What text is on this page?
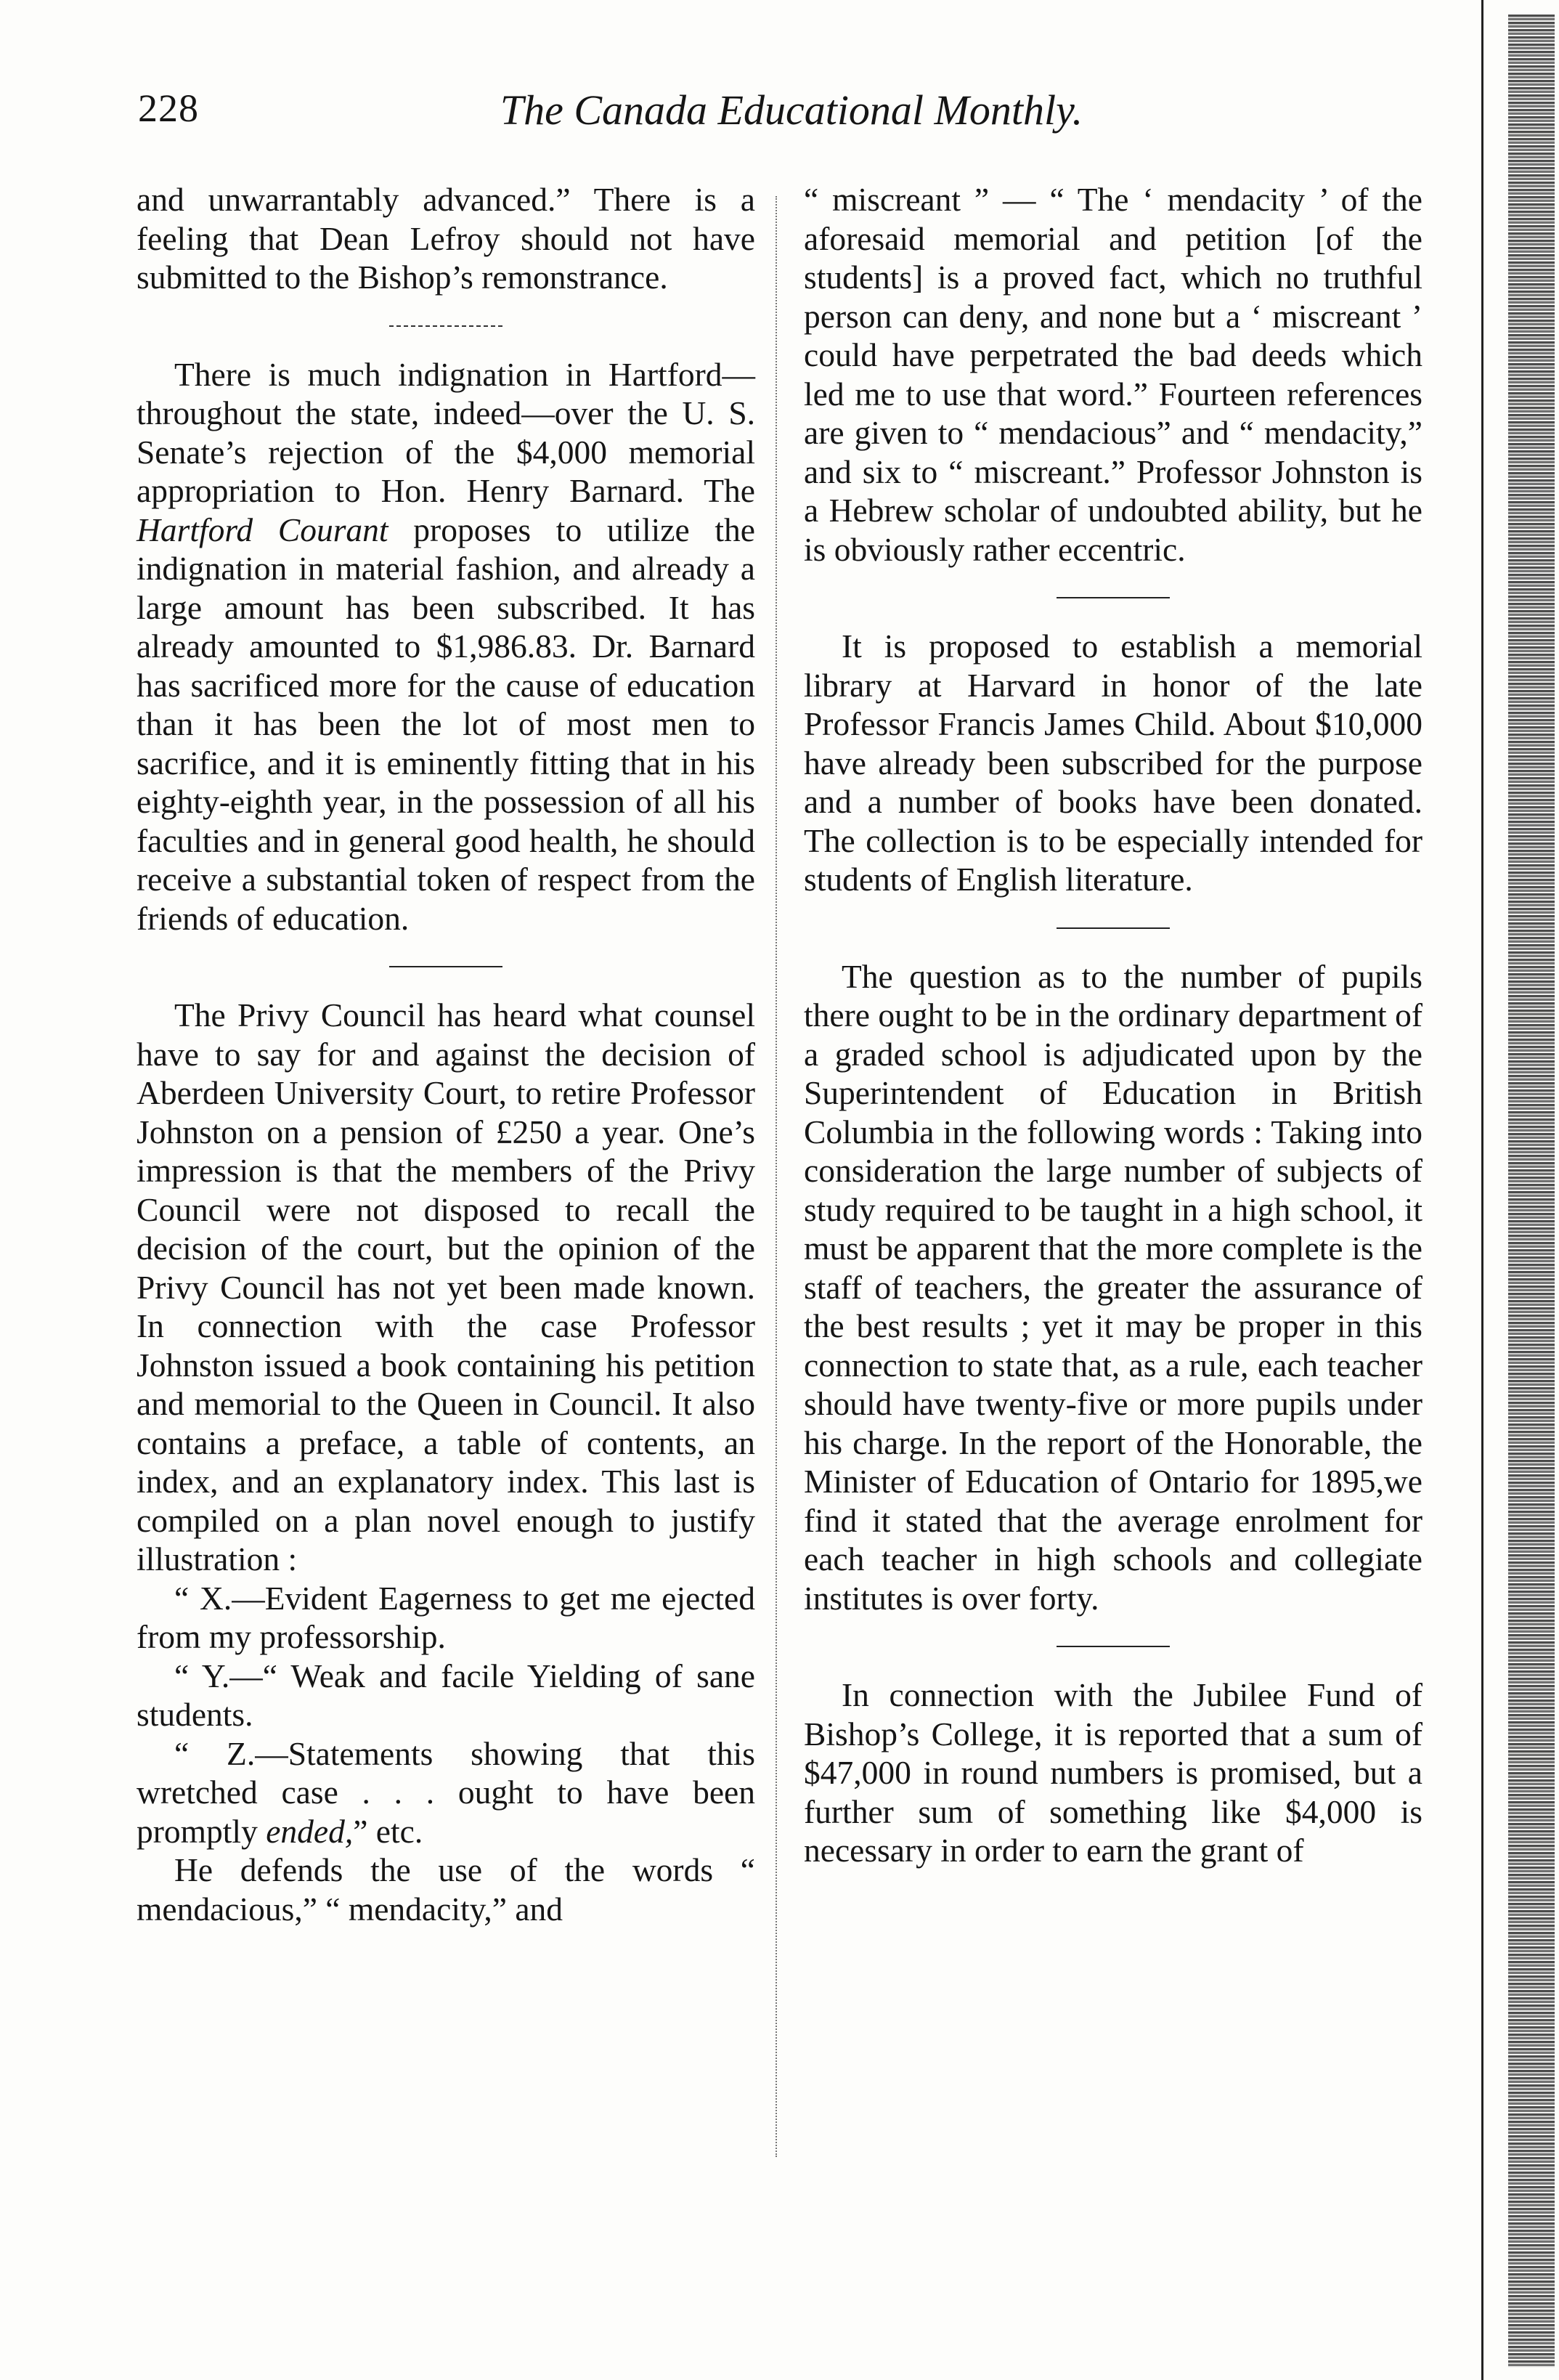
228	The Canada Educational Monthly.

and unwarrantably advanced.” There is a feeling that Dean Lefroy should not have submitted to the Bishop’s remonstrance.

There is much indignation in Hartford—throughout the state, indeed—over the U. S. Senate’s rejection of the $4,000 memorial appropriation to Hon. Henry Barnard. The Hartford Courant proposes to utilize the indignation in material fashion, and already a large amount has been subscribed. It has already amounted to $1,986.83. Dr. Barnard has sacrificed more for the cause of education than it has been the lot of most men to sacrifice, and it is eminently fitting that in his eighty-eighth year, in the possession of all his faculties and in general good health, he should receive a substantial token of respect from the friends of education.

The Privy Council has heard what counsel have to say for and against the decision of Aberdeen University Court, to retire Professor Johnston on a pension of £250 a year. One’s impression is that the members of the Privy Council were not disposed to recall the decision of the court, but the opinion of the Privy Council has not yet been made known. In connection with the case Professor Johnston issued a book containing his petition and memorial to the Queen in Council. It also contains a preface, a table of contents, an index, and an explanatory index. This last is compiled on a plan novel enough to justify illustration :

“ X.—Evident Eagerness to get me ejected from my professorship.

“ Y.—“ Weak and facile Yielding of sane students.

“ Z.—Statements showing that this wretched case . . . ought to have been promptly ended,” etc.

He defends the use of the words “ mendacious,” “ mendacity,” and

“ miscreant ” — “ The ‘ mendacity ’ of the aforesaid memorial and petition [of the students] is a proved fact, which no truthful person can deny, and none but a ‘ miscreant ’ could have perpetrated the bad deeds which led me to use that word.” Fourteen references are given to “ mendacious” and “ mendacity,” and six to “ miscreant.” Professor Johnston is a Hebrew scholar of undoubted ability, but he is obviously rather eccentric.

It is proposed to establish a memorial library at Harvard in honor of the late Professor Francis James Child. About $10,000 have already been subscribed for the purpose and a number of books have been donated. The collection is to be especially intended for students of English literature.

The question as to the number of pupils there ought to be in the ordinary department of a graded school is adjudicated upon by the Superintendent of Education in British Columbia in the following words : Taking into consideration the large number of subjects of study required to be taught in a high school, it must be apparent that the more complete is the staff of teachers, the greater the assurance of the best results ; yet it may be proper in this connection to state that, as a rule, each teacher should have twenty-five or more pupils under his charge. In the report of the Honorable, the Minister of Education of Ontario for 1895,we find it stated that the average enrolment for each teacher in high schools and collegiate institutes is over forty.

In connection with the Jubilee Fund of Bishop’s College, it is reported that a sum of $47,000 in round numbers is promised, but a further sum of something like $4,000 is necessary in order to earn the grant of
